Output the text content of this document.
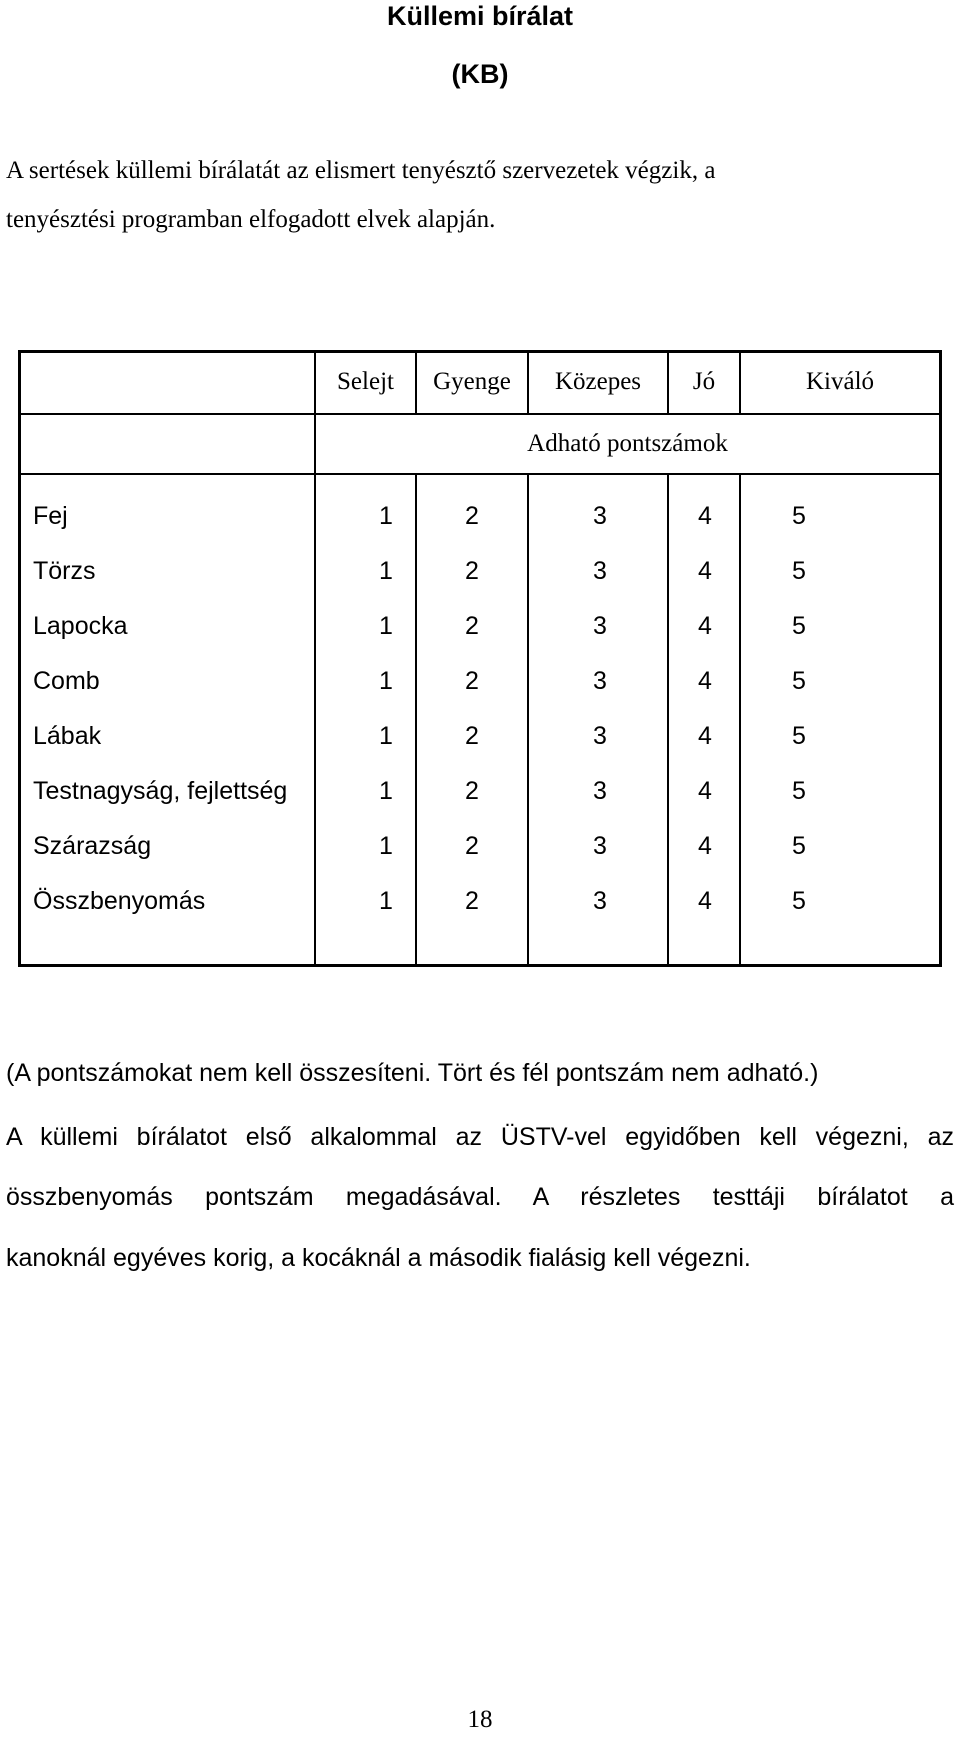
Küllemi bírálat
(KB)
A sertések küllemi bírálatát az elismert tenyésztő szervezetek végzik, a
tenyésztési programban elfogadott elvek alapján.
Selejt	Gyenge	Közepes	Jó	Kiváló
Adható pontszámok
Fej	1	2	3	4	5
Törzs	1	2	3	4	5
Lapocka	1	2	3	4	5
Comb	1	2	3	4	5
Lábak	1	2	3	4	5
Testnagyság, fejlettség	1	2	3	4	5
Szárazság	1	2	3	4	5
Összbenyomás	1	2	3	4	5
(A pontszámokat nem kell összesíteni. Tört és fél pontszám nem adható.)
A küllemi bírálatot első alkalommal az ÜSTV-vel egyidőben kell végezni, az
összbenyomás pontszám megadásával. A részletes testtáji bírálatot a
kanoknál egyéves korig, a kocáknál a második fialásig kell végezni.
18
